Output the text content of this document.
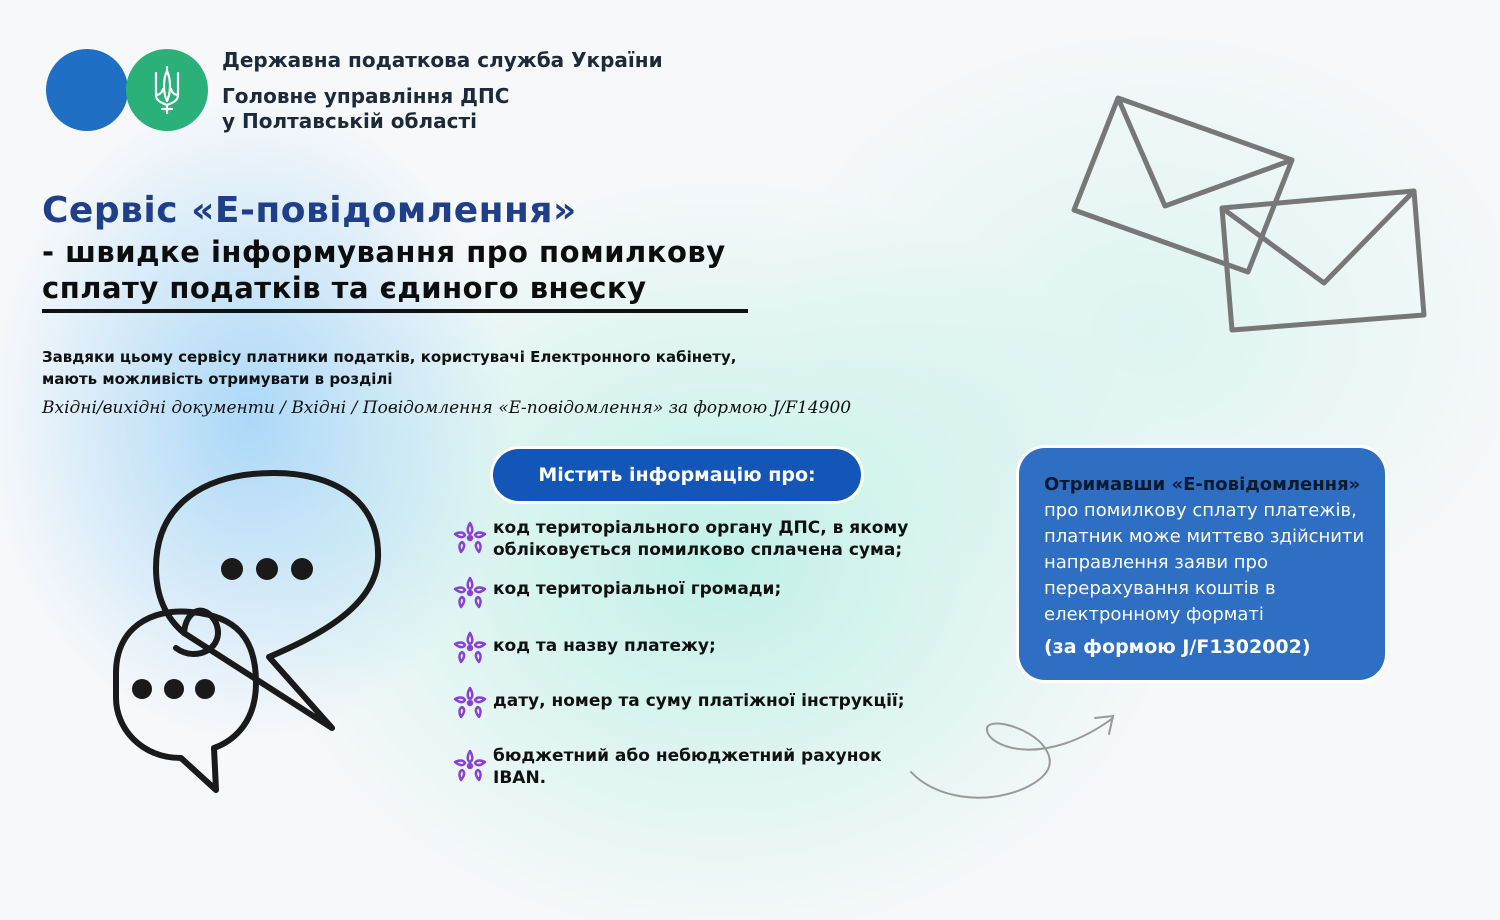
Державна податкова служба України
Головне управління ДПС
у Полтавській області
Сервіс «Е-повідомлення»
- швидке інформування про помилкову
сплату податків та єдиного внеску
Завдяки цьому сервісу платники податків, користувачі Електронного кабінету,
мають можливість отримувати в розділі
Вхідні/вихідні документи / Вхідні / Повідомлення «Е-повідомлення» за формою J/F14900
Містить інформацію про:
код територіального органу ДПС, в якому
обліковується помилково сплачена сума;
код територіальної громади;
код та назву платежу;
дату, номер та суму платіжної інструкції;
бюджетний або небюджетний рахунок
IBAN.
Отримавши «Е-повідомлення»
про помилкову сплату платежів,
платник може миттєво здійснити
направлення заяви про
перерахування коштів в
електронному форматі
(за формою J/F1302002)
